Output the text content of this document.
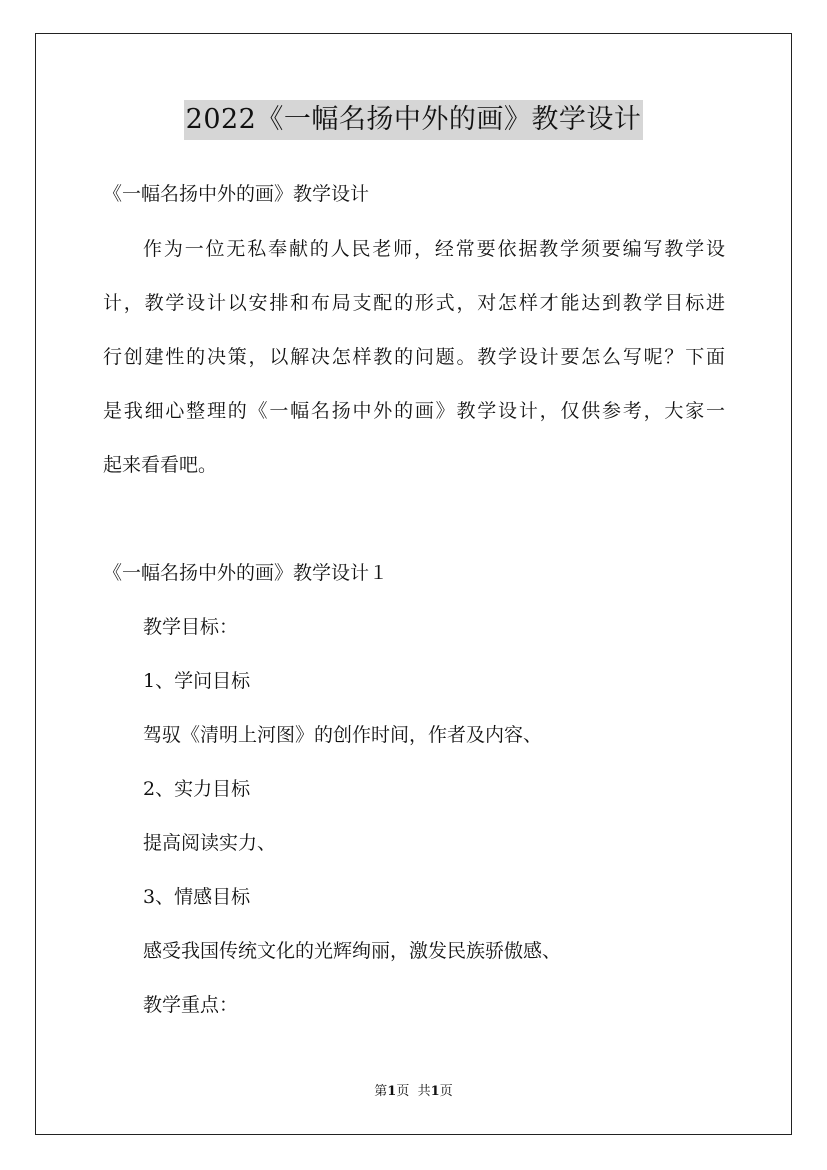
2022《一幅名扬中外的画》教学设计
《一幅名扬中外的画》教学设计
作为一位无私奉献的人民老师，经常要依据教学须要编写教学设
计，教学设计以安排和布局支配的形式，对怎样才能达到教学目标进
行创建性的决策，以解决怎样教的问题。教学设计要怎么写呢？下面
是我细心整理的《一幅名扬中外的画》教学设计，仅供参考，大家一
起来看看吧。
《一幅名扬中外的画》教学设计１
教学目标：
1、学问目标
驾驭《清明上河图》的创作时间，作者及内容、
2、实力目标
提高阅读实力、
3、情感目标
感受我国传统文化的光辉绚丽，激发民族骄傲感、
教学重点：
第1页 共1页
